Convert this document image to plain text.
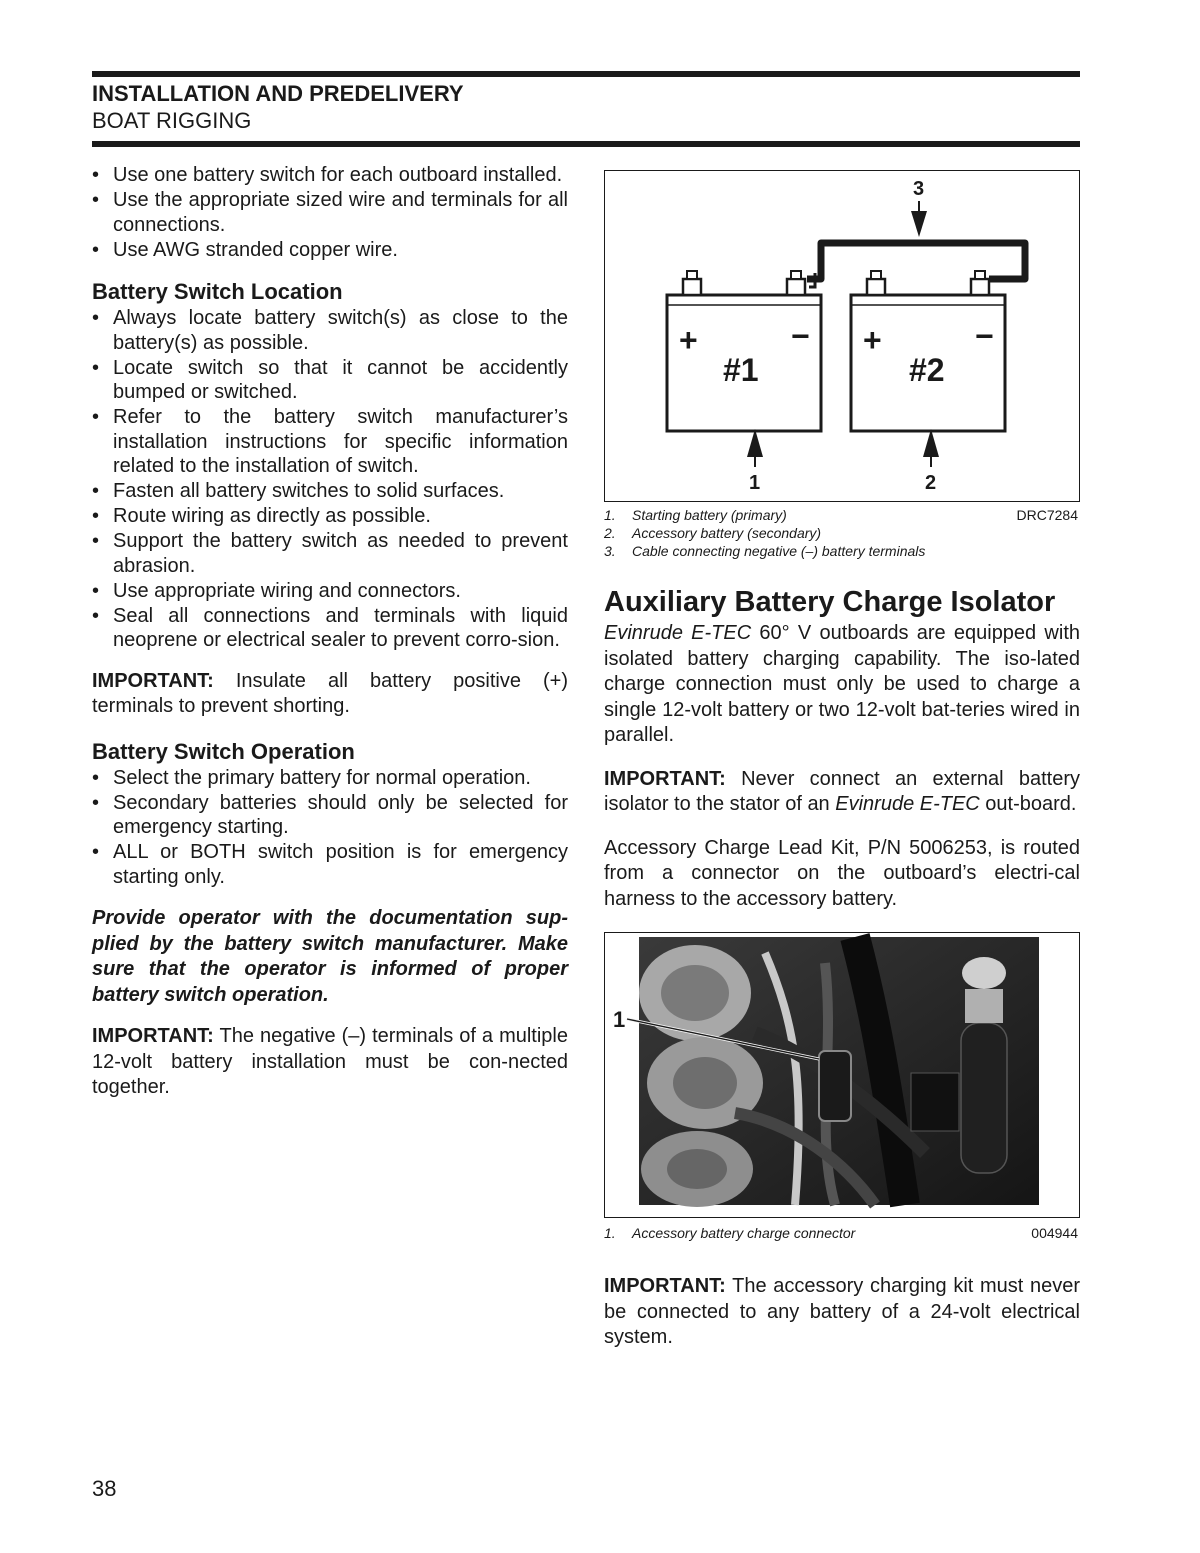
INSTALLATION AND PREDELIVERY
BOAT RIGGING
• Use one battery switch for each outboard installed.
• Use the appropriate sized wire and terminals for all connections.
• Use AWG stranded copper wire.
Battery Switch Location
• Always locate battery switch(s) as close to the battery(s) as possible.
• Locate switch so that it cannot be accidently bumped or switched.
• Refer to the battery switch manufacturer’s installation instructions for specific information related to the installation of switch.
• Fasten all battery switches to solid surfaces.
• Route wiring as directly as possible.
• Support the battery switch as needed to prevent abrasion.
• Use appropriate wiring and connectors.
• Seal all connections and terminals with liquid neoprene or electrical sealer to prevent corro-sion.
IMPORTANT: Insulate all battery positive (+) terminals to prevent shorting.
Battery Switch Operation
• Select the primary battery for normal operation.
• Secondary batteries should only be selected for emergency starting.
• ALL or BOTH switch position is for emergency starting only.
Provide operator with the documentation sup-plied by the battery switch manufacturer. Make sure that the operator is informed of proper battery switch operation.
IMPORTANT: The negative (–) terminals of a multiple 12-volt battery installation must be con-nected together.
+	−
#1
+	−
#2
1	2
3
DRC7284
1. Starting battery (primary)
2. Accessory battery (secondary)
3. Cable connecting negative (–) battery terminals
Auxiliary Battery Charge Isolator
Evinrude E-TEC 60° V outboards are equipped with isolated battery charging capability. The iso-lated charge connection must only be used to charge a single 12-volt battery or two 12-volt bat-teries wired in parallel.
IMPORTANT: Never connect an external battery isolator to the stator of an Evinrude E-TEC out-board.
Accessory Charge Lead Kit, P/N 5006253, is routed from a connector on the outboard’s electri-cal harness to the accessory battery.
1
004944
1. Accessory battery charge connector
IMPORTANT: The accessory charging kit must never be connected to any battery of a 24-volt electrical system.
38
